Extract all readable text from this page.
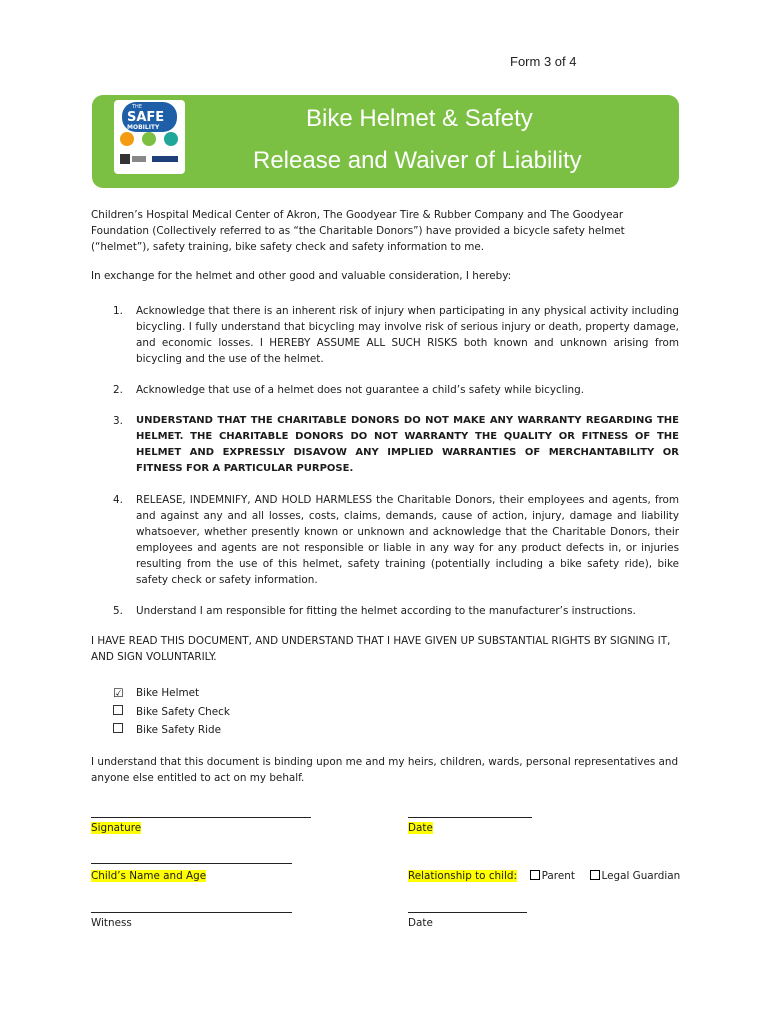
Form 3 of 4
THE
SAFE
MOBILITY	Bike Helmet & Safety
Release and Waiver of Liability
Children’s Hospital Medical Center of Akron, The Goodyear Tire & Rubber Company and The Goodyear Foundation (Collectively referred to as “the Charitable Donors”) have provided a bicycle safety helmet (“helmet”), safety training, bike safety check and safety information to me.
In exchange for the helmet and other good and valuable consideration, I hereby:
1. Acknowledge that there is an inherent risk of injury when participating in any physical activity including bicycling. I fully understand that bicycling may involve risk of serious injury or death, property damage, and economic losses. I HEREBY ASSUME ALL SUCH RISKS both known and unknown arising from bicycling and the use of the helmet.
2. Acknowledge that use of a helmet does not guarantee a child’s safety while bicycling.
3. UNDERSTAND THAT THE CHARITABLE DONORS DO NOT MAKE ANY WARRANTY REGARDING THE HELMET. THE CHARITABLE DONORS DO NOT WARRANTY THE QUALITY OR FITNESS OF THE HELMET AND EXPRESSLY DISAVOW ANY IMPLIED WARRANTIES OF MERCHANTABILITY OR FITNESS FOR A PARTICULAR PURPOSE.
4. RELEASE, INDEMNIFY, AND HOLD HARMLESS the Charitable Donors, their employees and agents, from and against any and all losses, costs, claims, demands, cause of action, injury, damage and liability whatsoever, whether presently known or unknown and acknowledge that the Charitable Donors, their employees and agents are not responsible or liable in any way for any product defects in, or injuries resulting from the use of this helmet, safety training (potentially including a bike safety ride), bike safety check or safety information.
5. Understand I am responsible for fitting the helmet according to the manufacturer’s instructions.
I HAVE READ THIS DOCUMENT, AND UNDERSTAND THAT I HAVE GIVEN UP SUBSTANTIAL RIGHTS BY SIGNING IT, AND SIGN VOLUNTARILY.
☑ Bike Helmet
Bike Safety Check
Bike Safety Ride
I understand that this document is binding upon me and my heirs, children, wards, personal representatives and anyone else entitled to act on my behalf.
Signature	Date
Child’s Name and Age	Relationship to child: Parent	Legal Guardian
Witness	Date
